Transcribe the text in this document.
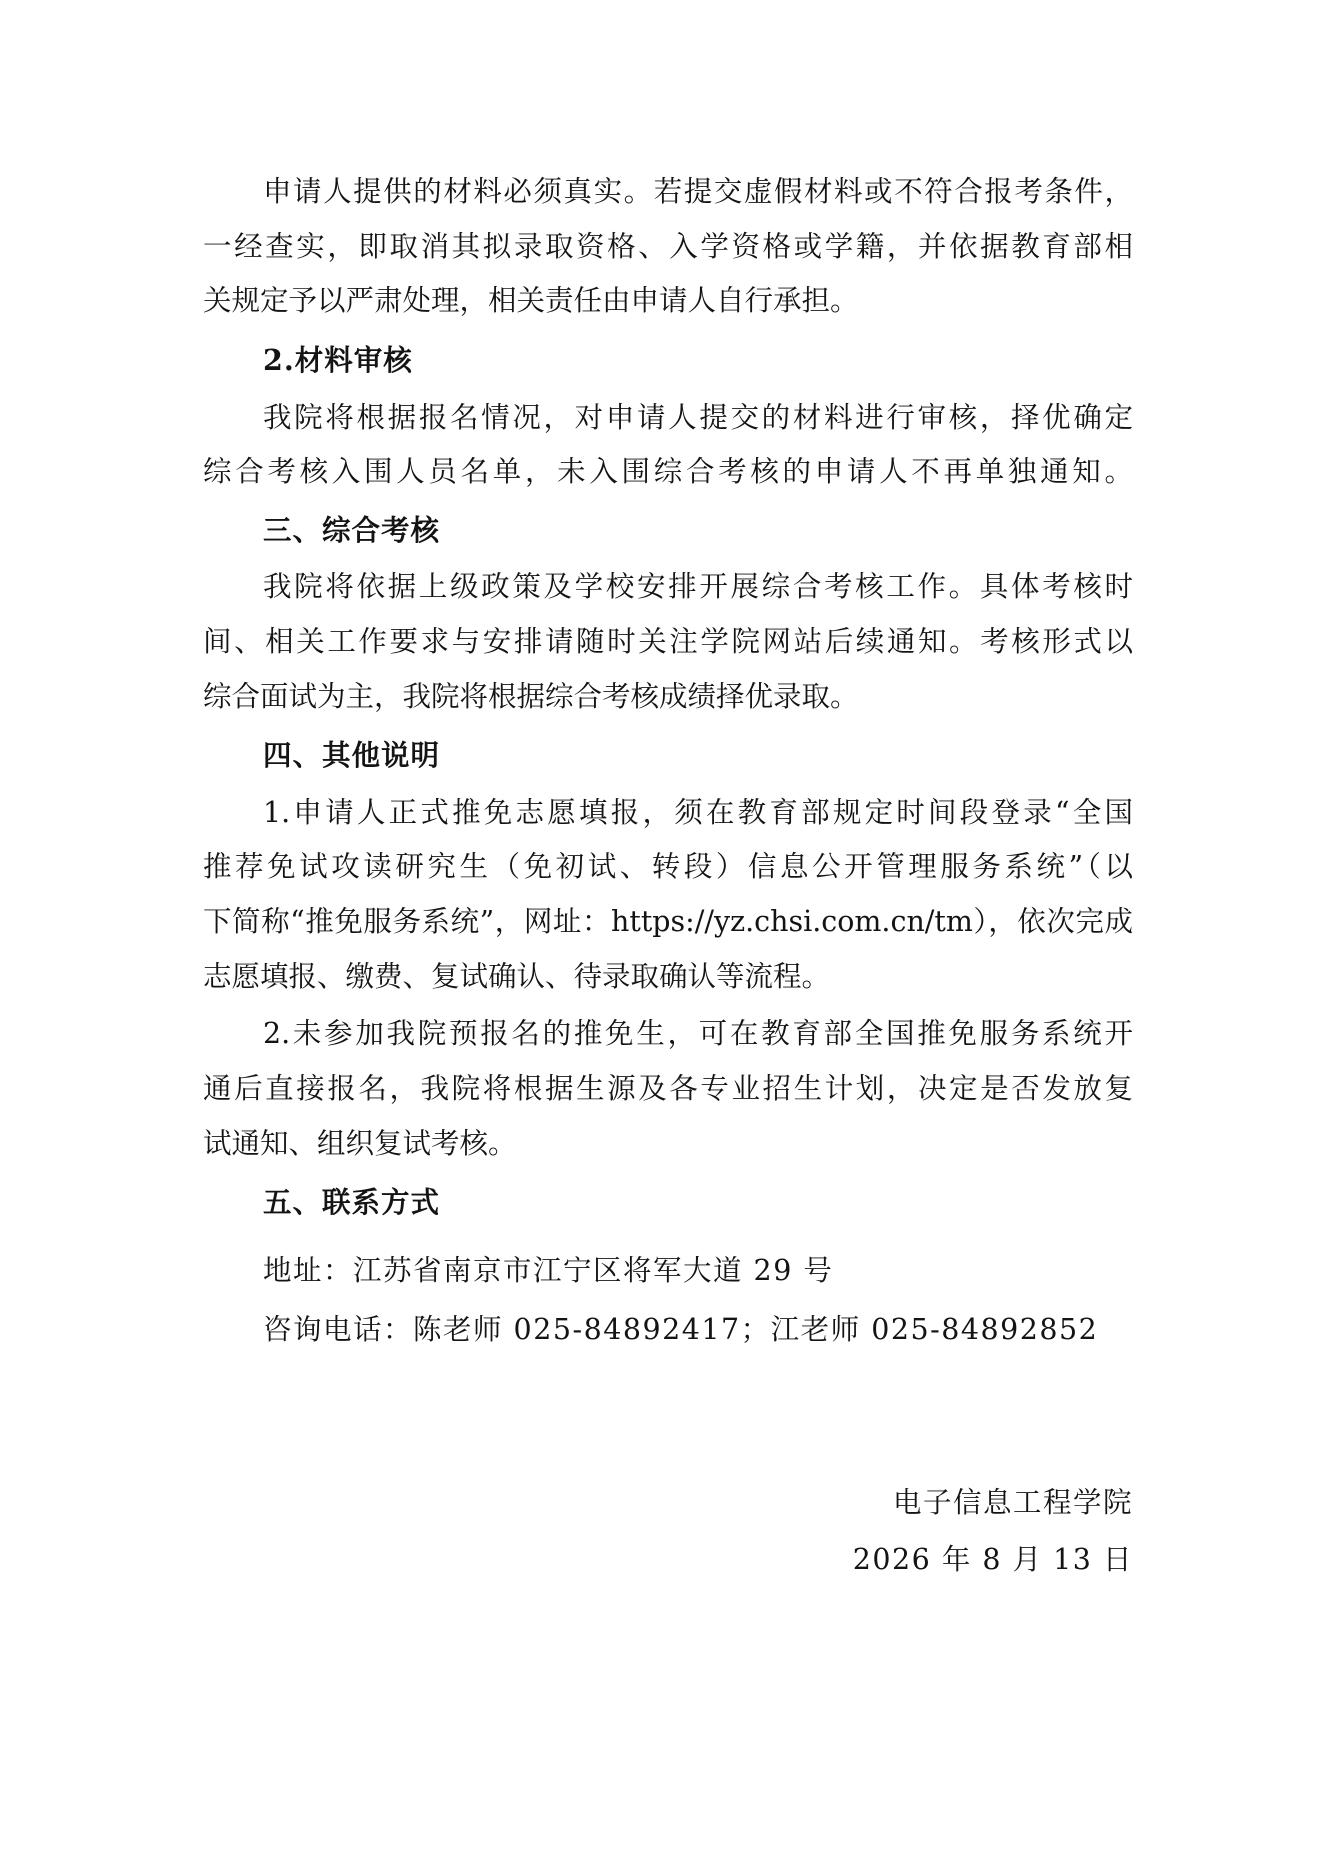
申请人提供的材料必须真实。若提交虚假材料或不符合报考条件，

一经查实，即取消其拟录取资格、入学资格或学籍，并依据教育部相

关规定予以严肃处理，相关责任由申请人自行承担。

2.材料审核

我院将根据报名情况，对申请人提交的材料进行审核，择优确定

综合考核入围人员名单，未入围综合考核的申请人不再单独通知。

三、综合考核

我院将依据上级政策及学校安排开展综合考核工作。具体考核时

间、相关工作要求与安排请随时关注学院网站后续通知。考核形式以

综合面试为主，我院将根据综合考核成绩择优录取。

四、其他说明

1.申请人正式推免志愿填报，须在教育部规定时间段登录“全国

推荐免试攻读研究生（免初试、转段）信息公开管理服务系统”（以

下简称“推免服务系统”，网址：https://yz.chsi.com.cn/tm），依次完成

志愿填报、缴费、复试确认、待录取确认等流程。

2.未参加我院预报名的推免生，可在教育部全国推免服务系统开

通后直接报名，我院将根据生源及各专业招生计划，决定是否发放复

试通知、组织复试考核。

五、联系方式

地址：江苏省南京市江宁区将军大道 29 号

咨询电话：陈老师 025-84892417；江老师 025-84892852

电子信息工程学院

2026 年 8 月 13 日
